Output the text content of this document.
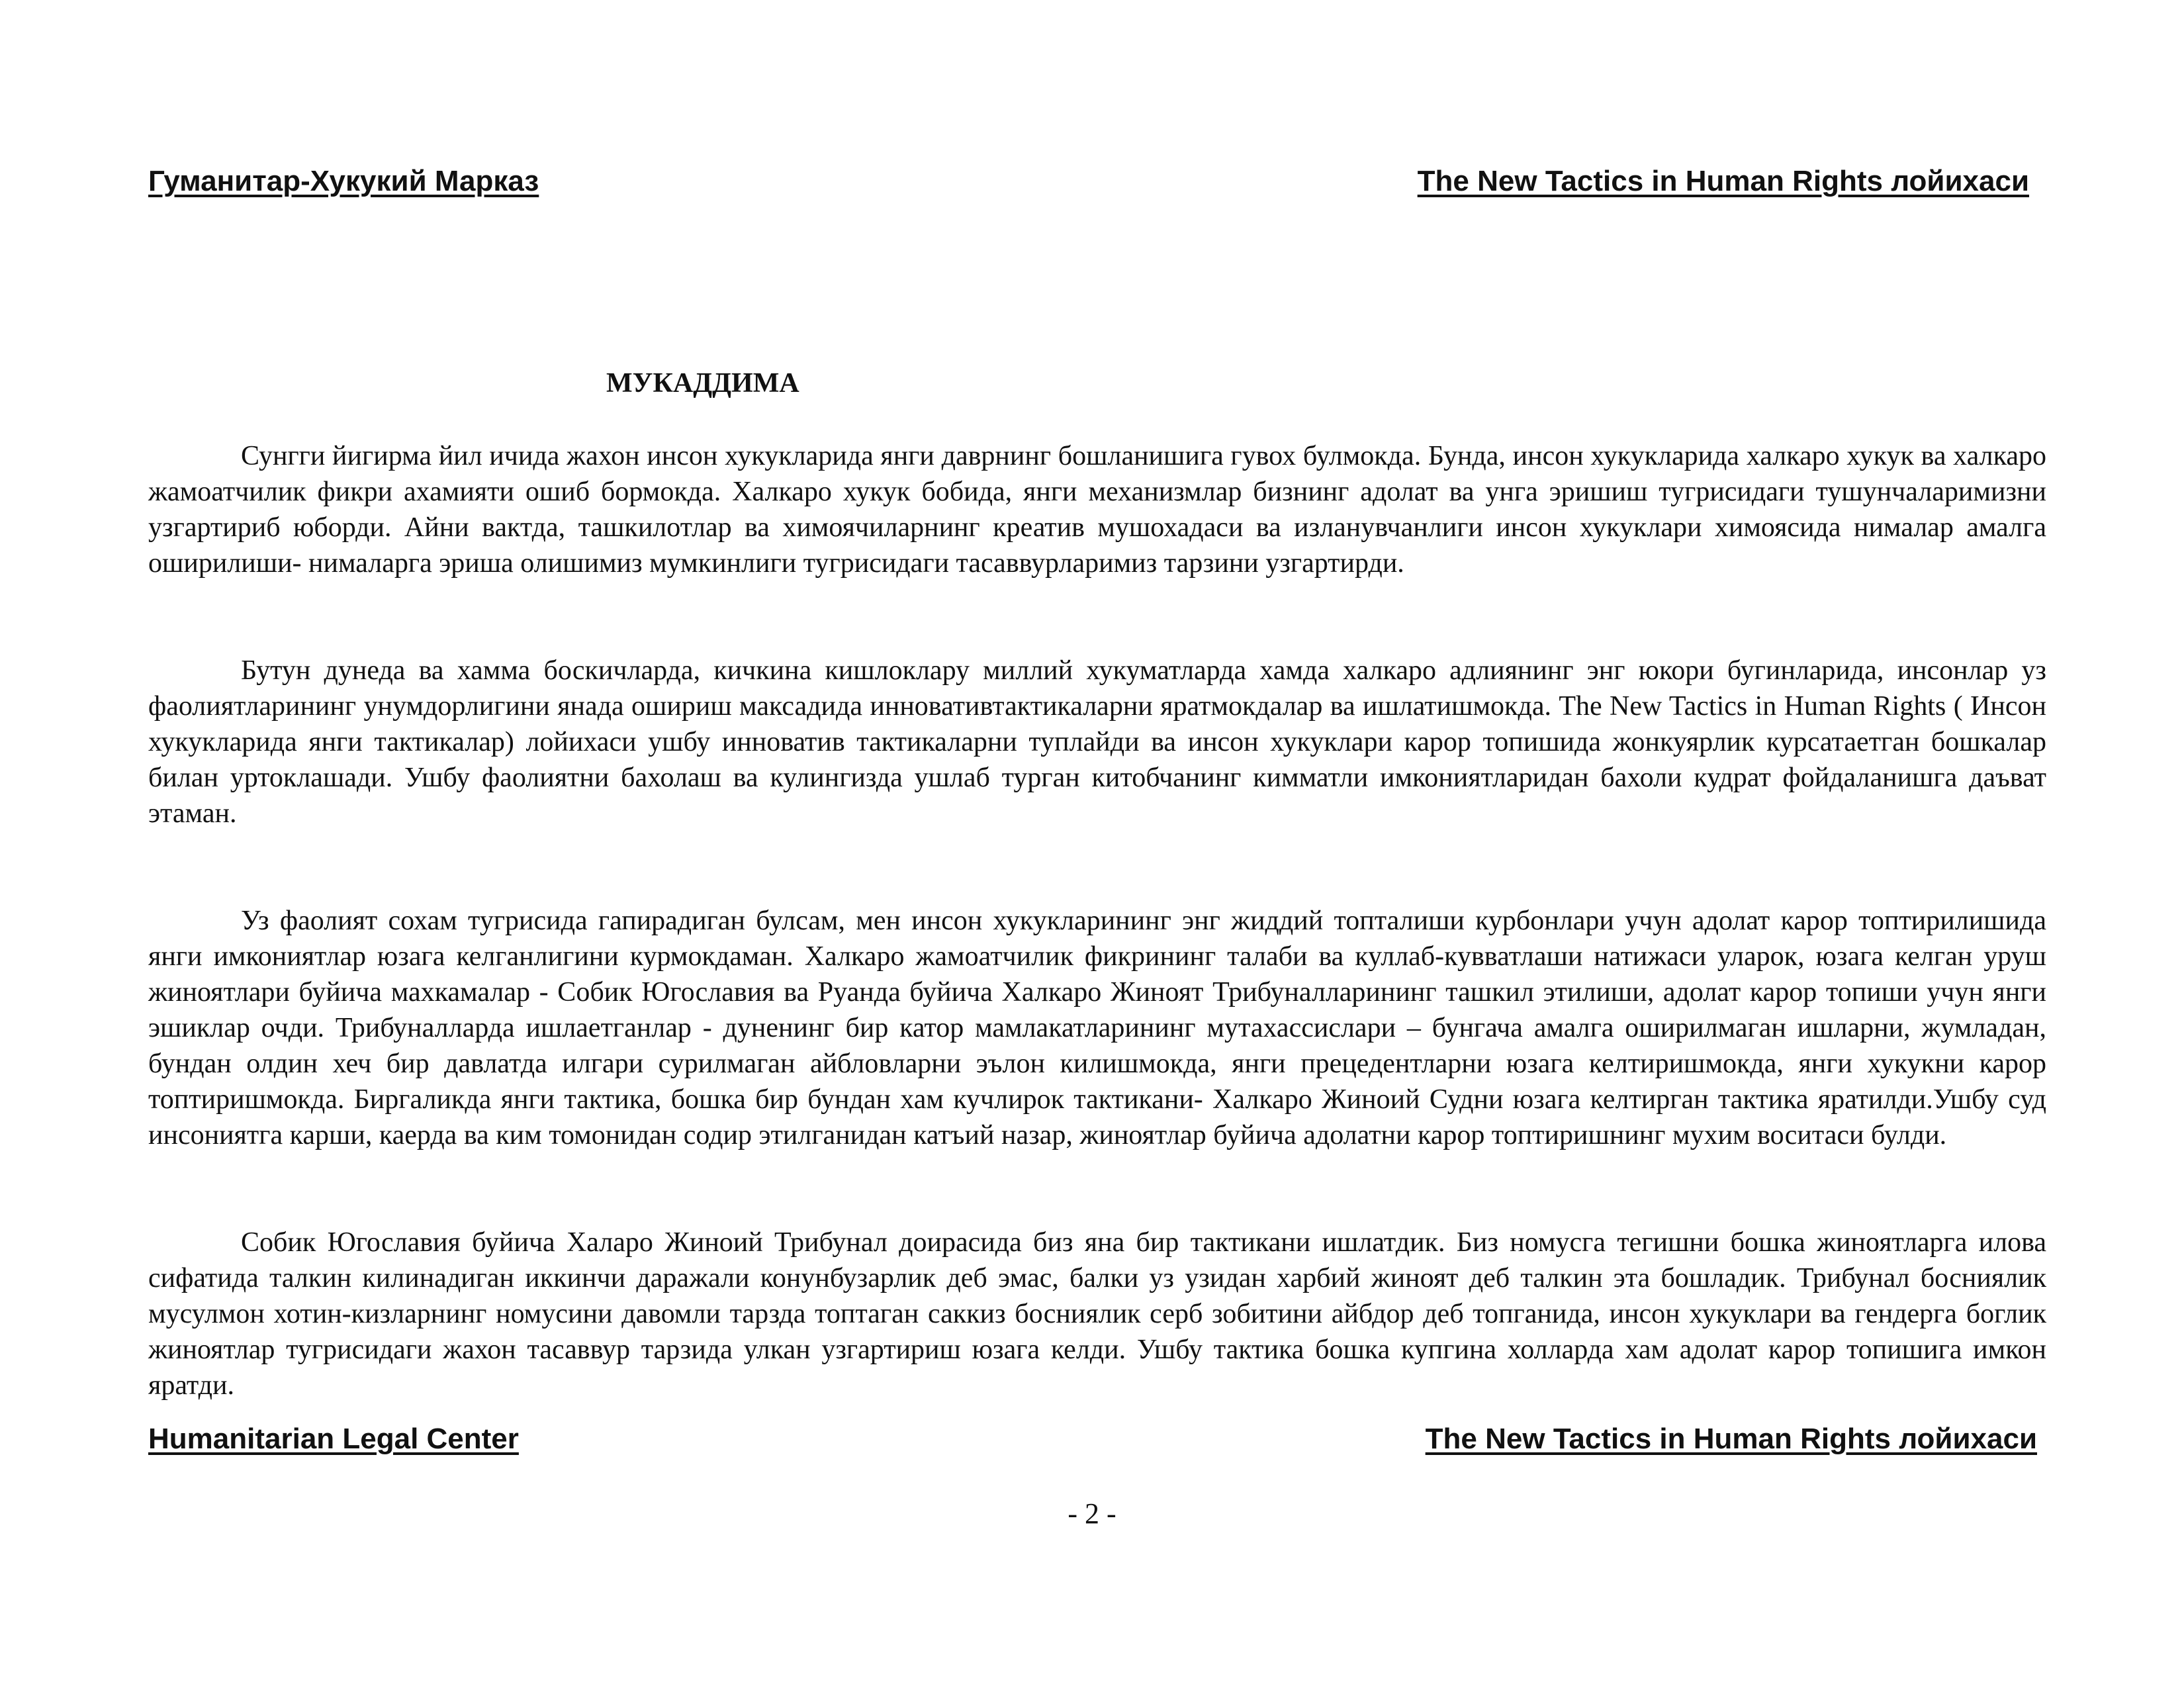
Гуманитар-Хукукий Марказ	The New Tactics in Human Rights лойихаси
МУКАДДИМА

Сунгги йигирма йил ичида жахон инсон хукукларида янги даврнинг бошланишига гувох булмокда. Бунда, инсон хукукларида халкаро хукук ва халкаро жамоатчилик фикри ахамияти ошиб бормокда. Халкаро хукук бобида, янги механизмлар бизнинг адолат ва унга эришиш тугрисидаги тушунчаларимизни узгартириб юборди. Айни вактда, ташкилотлар ва химоячиларнинг креатив мушохадаси ва изланувчанлиги инсон хукуклари химоясида нималар амалга оширилиши- нималарга эриша олишимиз мумкинлиги тугрисидаги тасаввурларимиз тарзини узгартирди.

Бутун дунеда ва хамма боскичларда, кичкина кишлоклару миллий хукуматларда хамда халкаро адлиянинг энг юкори бугинларида, инсонлар уз фаолиятларининг унумдорлигини янада ошириш максадида инновативтактикаларни яратмокдалар ва ишлатишмокда. The New Tactics in Human Rights ( Инсон хукукларида янги тактикалар) лойихаси ушбу инноватив тактикаларни туплайди ва инсон хукуклари карор топишида жонкуярлик курсатаетган бошкалар билан уртоклашади. Ушбу фаолиятни бахолаш ва кулингизда ушлаб турган китобчанинг кимматли имкониятларидан бахоли кудрат фойдаланишга даъват этаман.

Уз фаолият сохам тугрисида гапирадиган булсам, мен инсон хукукларининг энг жиддий топталиши курбонлари учун адолат карор топтирилишида янги имкониятлар юзага келганлигини курмокдаман. Халкаро жамоатчилик фикрининг талаби ва куллаб-кувватлаши натижаси уларок, юзага келган уруш жиноятлари буйича махкамалар - Собик Югославия ва Руанда буйича Халкаро Жиноят Трибуналларининг ташкил этилиши, адолат карор топиши учун янги эшиклар очди. Трибуналларда ишлаетганлар - дуненинг бир катор мамлакатларининг мутахассислари – бунгача амалга оширилмаган ишларни, жумладан, бундан олдин хеч бир давлатда илгари сурилмаган айбловларни эълон килишмокда, янги прецедентларни юзага келтиришмокда, янги хукукни карор топтиришмокда. Биргаликда янги тактика, бошка бир бундан хам кучлирок тактикани- Халкаро Жиноий Судни юзага келтирган тактика яратилди.Ушбу суд инсониятга карши, каерда ва ким томонидан содир этилганидан катъий назар, жиноятлар буйича адолатни карор топтиришнинг мухим воситаси булди.

Собик Югославия буйича Халаро Жиноий Трибунал доирасида биз яна бир тактикани ишлатдик. Биз номусга тегишни бошка жиноятларга илова сифатида талкин килинадиган иккинчи даражали конунбузарлик деб эмас, балки уз узидан харбий жиноят деб талкин эта бошладик. Трибунал босниялик мусулмон хотин-кизларнинг номусини давомли тарзда топтаган саккиз босниялик серб зобитини айбдор деб топганида, инсон хукуклари ва гендерга боглик жиноятлар тугрисидаги жахон тасаввур тарзида улкан узгартириш юзага келди. Ушбу тактика бошка купгина холларда хам адолат карор топишига имкон яратди.

Humanitarian Legal Center	The New Tactics in Human Rights лойихаси
- 2 -
